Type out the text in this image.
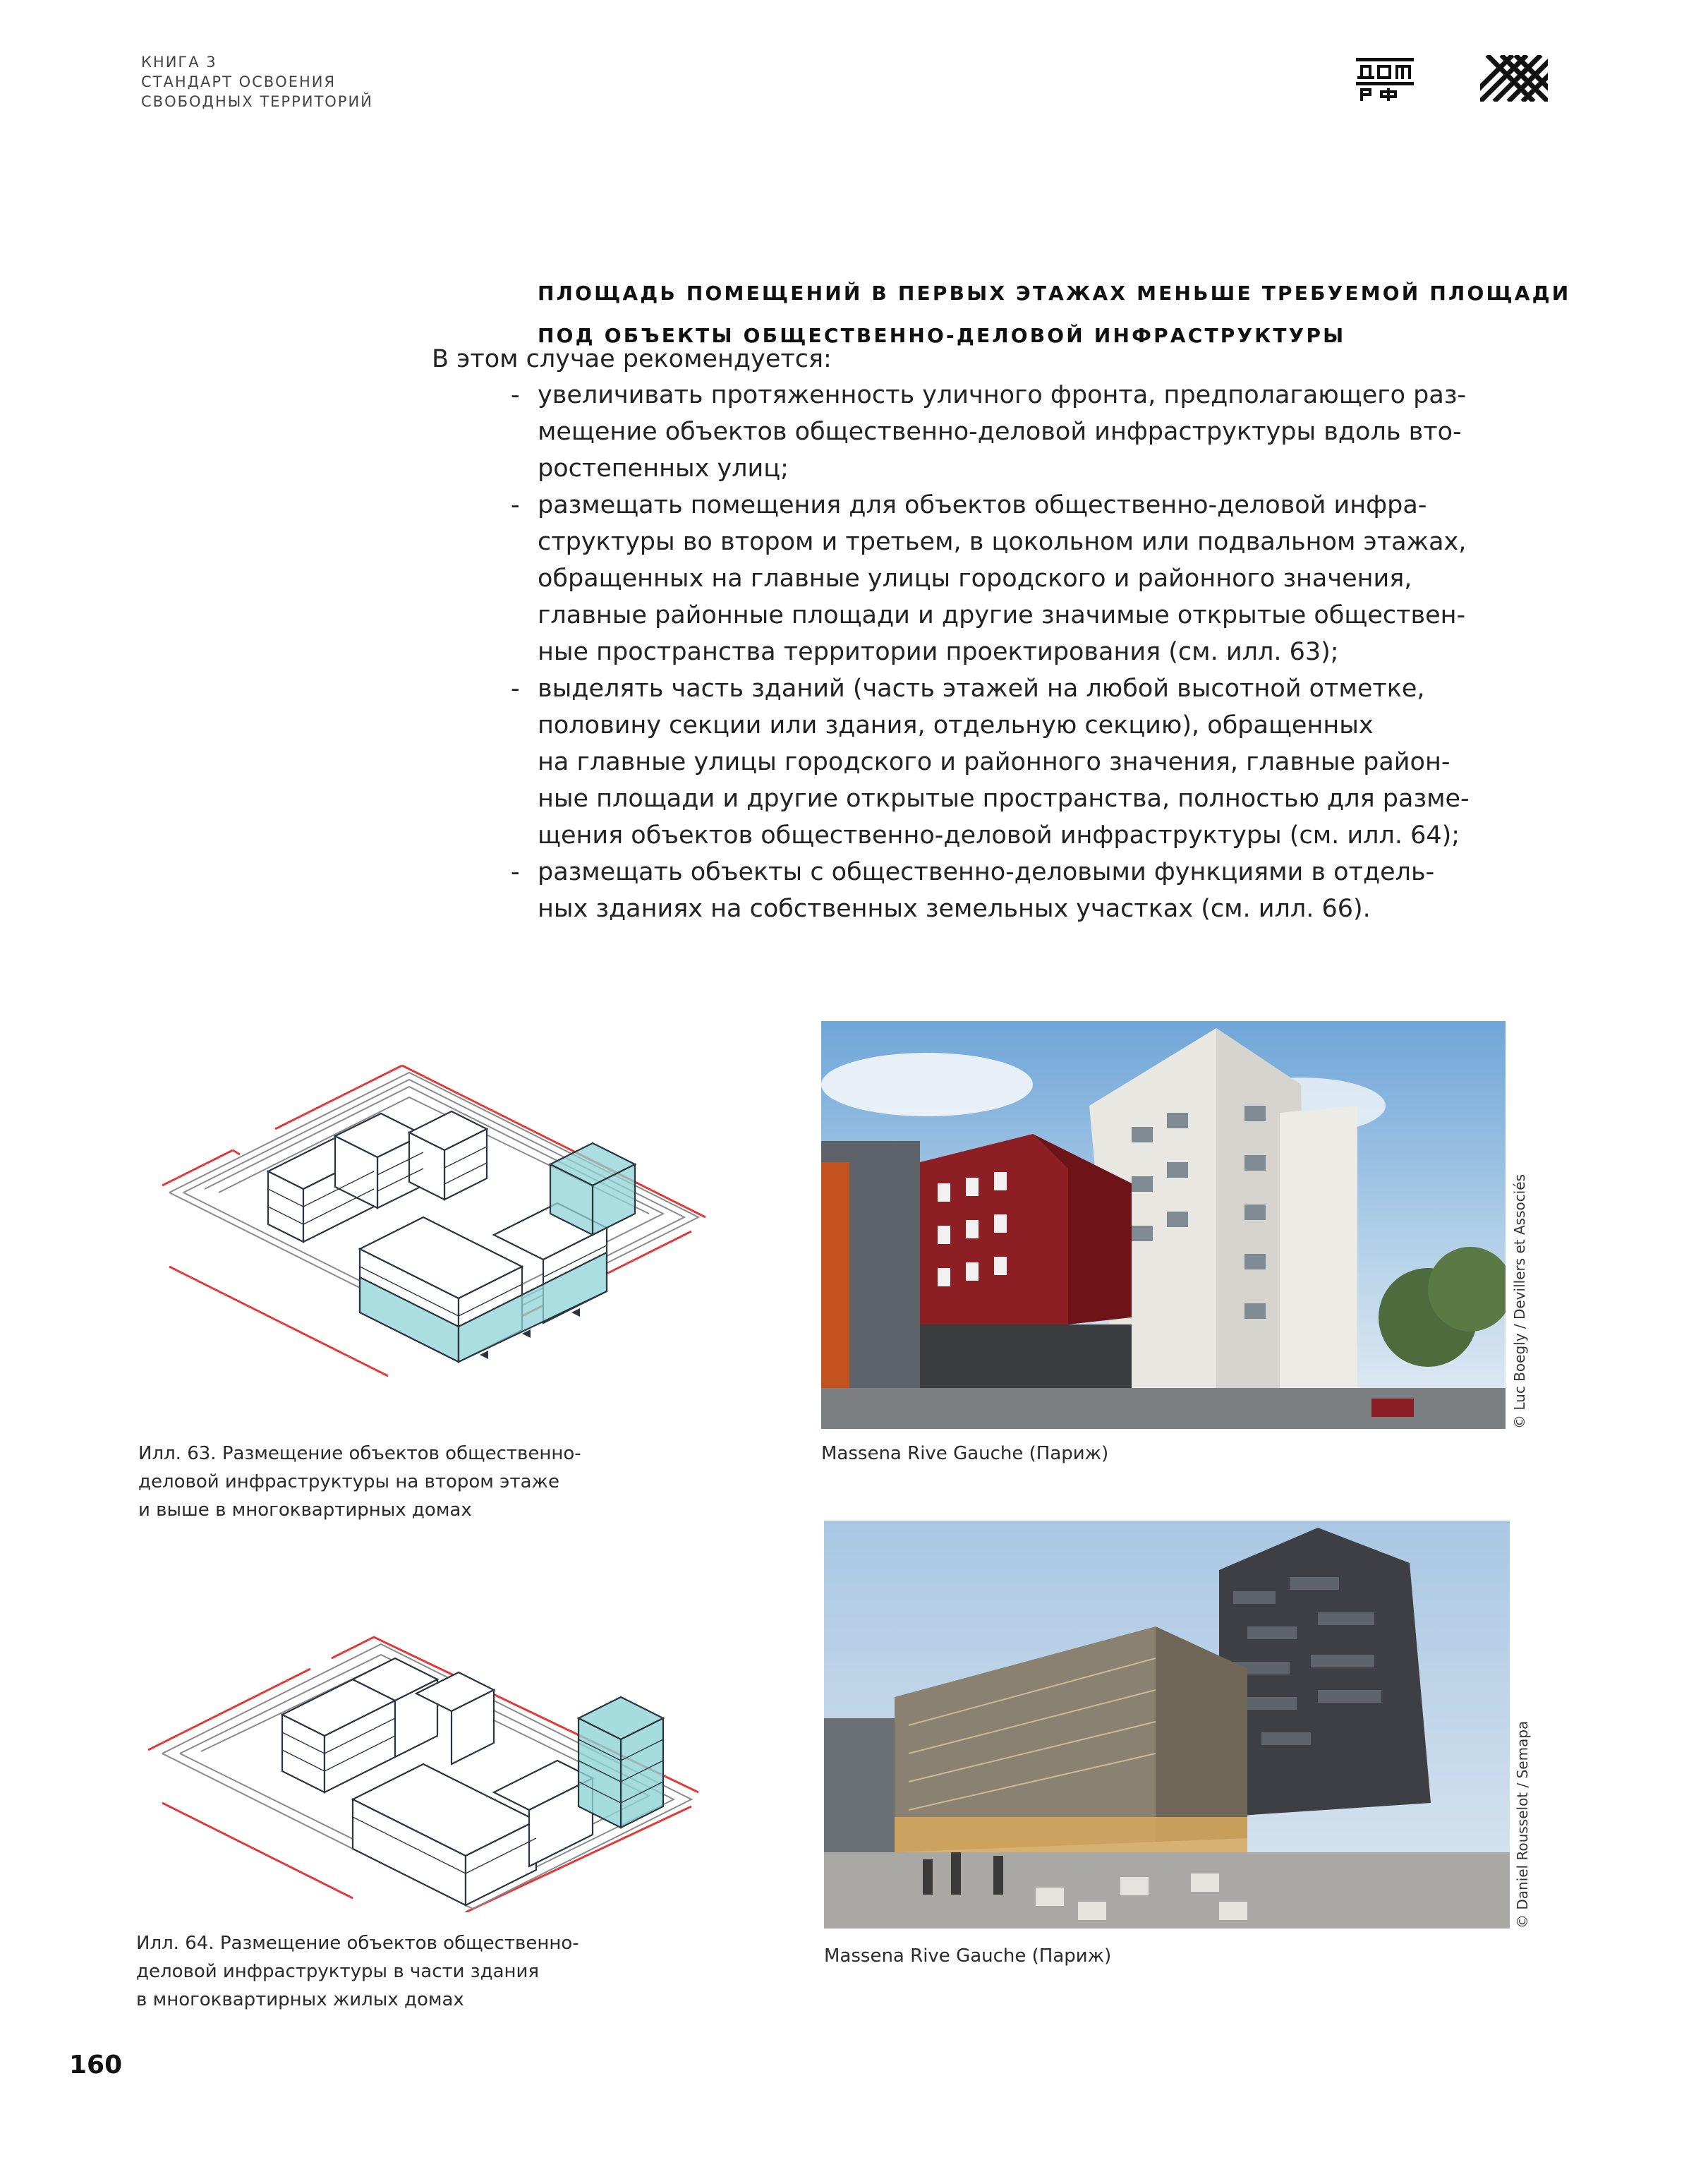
КНИГА 3
СТАНДАРТ ОСВОЕНИЯ
СВОБОДНЫХ ТЕРРИТОРИЙ
ПЛОЩАДЬ ПОМЕЩЕНИЙ В ПЕРВЫХ ЭТАЖАХ МЕНЬШЕ ТРЕБУЕМОЙ ПЛОЩАДИ
ПОД ОБЪЕКТЫ ОБЩЕСТВЕННО-ДЕЛОВОЙ ИНФРАСТРУКТУРЫ
В этом случае рекомендуется:
- увеличивать протяженность уличного фронта, предполагающего раз-
мещение объектов общественно-деловой инфраструктуры вдоль вто-
ростепенных улиц;
- размещать помещения для объектов общественно-деловой инфра-
структуры во втором и третьем, в цокольном или подвальном этажах,
обращенных на главные улицы городского и районного значения,
главные районные площади и другие значимые открытые обществен-
ные пространства территории проектирования (см. илл. 63);
- выделять часть зданий (часть этажей на любой высотной отметке,
половину секции или здания, отдельную секцию), обращенных
на главные улицы городского и районного значения, главные район-
ные площади и другие открытые пространства, полностью для разме-
щения объектов общественно-деловой инфраструктуры (см. илл. 64);
- размещать объекты с общественно-деловыми функциями в отдель-
ных зданиях на собственных земельных участках (см. илл. 66).
Илл. 63. Размещение объектов общественно-
деловой инфраструктуры на втором этаже
и выше в многоквартирных домах
Илл. 64. Размещение объектов общественно-
деловой инфраструктуры в части здания
в многоквартирных жилых домах
© Luc Boegly / Devillers et Associés
Massena Rive Gauche (Париж)
© Daniel Rousselot / Semapa
Massena Rive Gauche (Париж)
160
